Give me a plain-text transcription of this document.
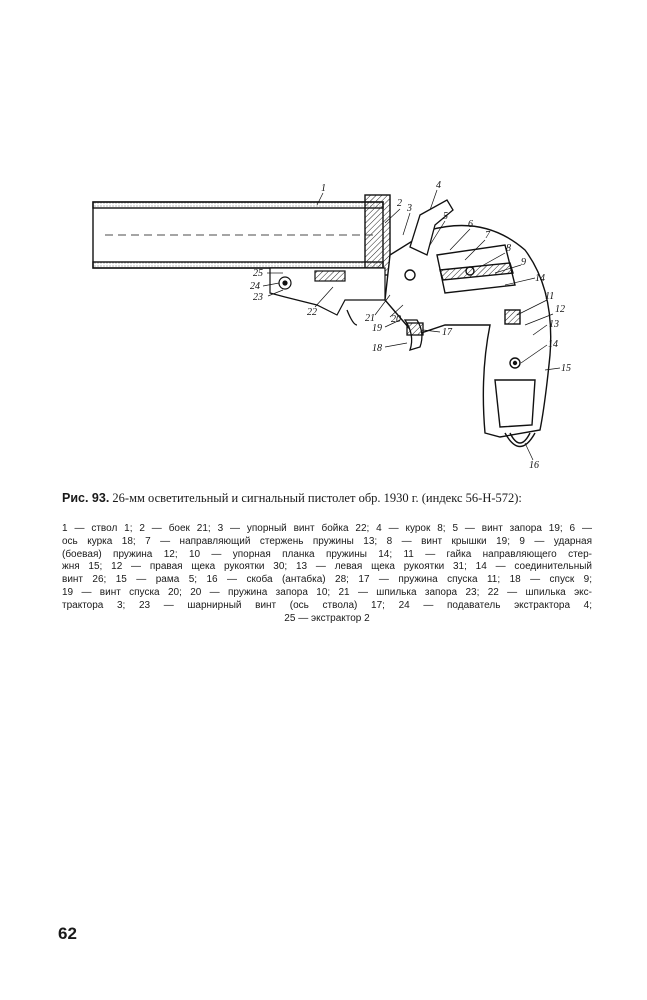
1
2 3
4
5
6
7
8
9
14
11
12
13
14
15
16
17
18
19
20
21
22
23
24
25
Рис. 93. 26-мм осветительный и сигнальный пистолет обр. 1930 г. (индекс 56-Н-572):
1 — ствол 1; 2 — боек 21; 3 — упорный винт бойка 22; 4 — курок 8; 5 — винт запора 19; 6 —
ось курка 18; 7 — направляющий стержень пружины 13; 8 — винт крышки 19; 9 — ударная
(боевая) пружина 12; 10 — упорная планка пружины 14; 11 — гайка направляющего стер-
жня 15; 12 — правая щека рукоятки 30; 13 — левая щека рукоятки 31; 14 — соединительный
винт 26; 15 — рама 5; 16 — скоба (антабка) 28; 17 — пружина спуска 11; 18 — спуск 9;
19 — винт спуска 20; 20 — пружина запора 10; 21 — шпилька запора 23; 22 — шпилька экс-
трактора 3; 23 — шарнирный винт (ось ствола) 17; 24 — подаватель экстрактора 4;
25 — экстрактор 2
62
